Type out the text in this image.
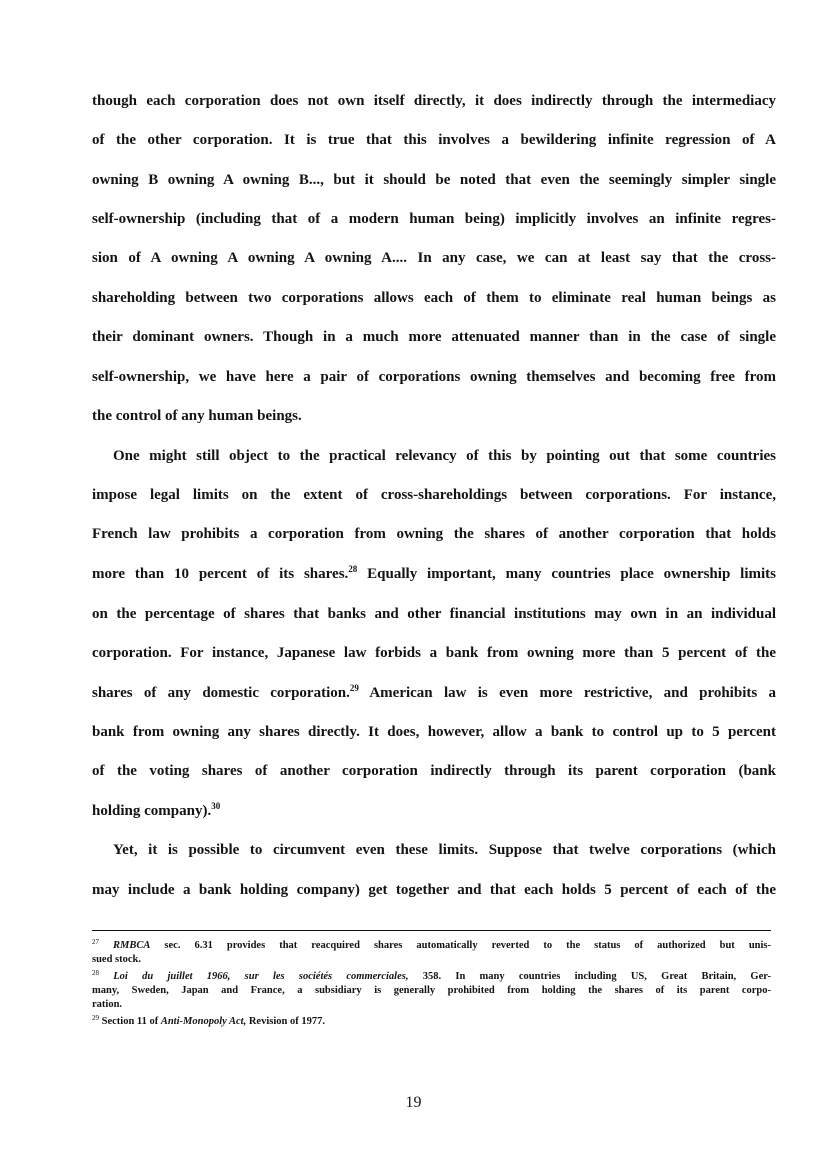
though each corporation does not own itself directly, it does indirectly through the intermediacy
of the other corporation. It is true that this involves a bewildering infinite regression of A
owning B owning A owning B..., but it should be noted that even the seemingly simpler single
self-ownership (including that of a modern human being) implicitly involves an infinite regres-
sion of A owning A owning A owning A.... In any case, we can at least say that the cross-
shareholding between two corporations allows each of them to eliminate real human beings as
their dominant owners. Though in a much more attenuated manner than in the case of single
self-ownership, we have here a pair of corporations owning themselves and becoming free from
the control of any human beings.
One might still object to the practical relevancy of this by pointing out that some countries
impose legal limits on the extent of cross-shareholdings between corporations. For instance,
French law prohibits a corporation from owning the shares of another corporation that holds
more than 10 percent of its shares.$^{28}$ Equally important, many countries place ownership limits
on the percentage of shares that banks and other financial institutions may own in an individual
corporation. For instance, Japanese law forbids a bank from owning more than 5 percent of the
shares of any domestic corporation.$^{29}$ American law is even more restrictive, and prohibits a
bank from owning any shares directly. It does, however, allow a bank to control up to 5 percent
of the voting shares of another corporation indirectly through its parent corporation (bank
holding company).$^{30}$
Yet, it is possible to circumvent even these limits. Suppose that twelve corporations (which
may include a bank holding company) get together and that each holds 5 percent of each of the
$^{27}$ RMBCA sec. 6.31 provides that reacquired shares automatically reverted to the status of authorized but unis-
sued stock.
$^{28}$ Loi du juillet 1966, sur les sociétés commerciales, 358. In many countries including US, Great Britain, Ger-
many, Sweden, Japan and France, a subsidiary is generally prohibited from holding the shares of its parent corpo-
ration.
$^{29}$ Section 11 of Anti-Monopoly Act, Revision of 1977.
19
